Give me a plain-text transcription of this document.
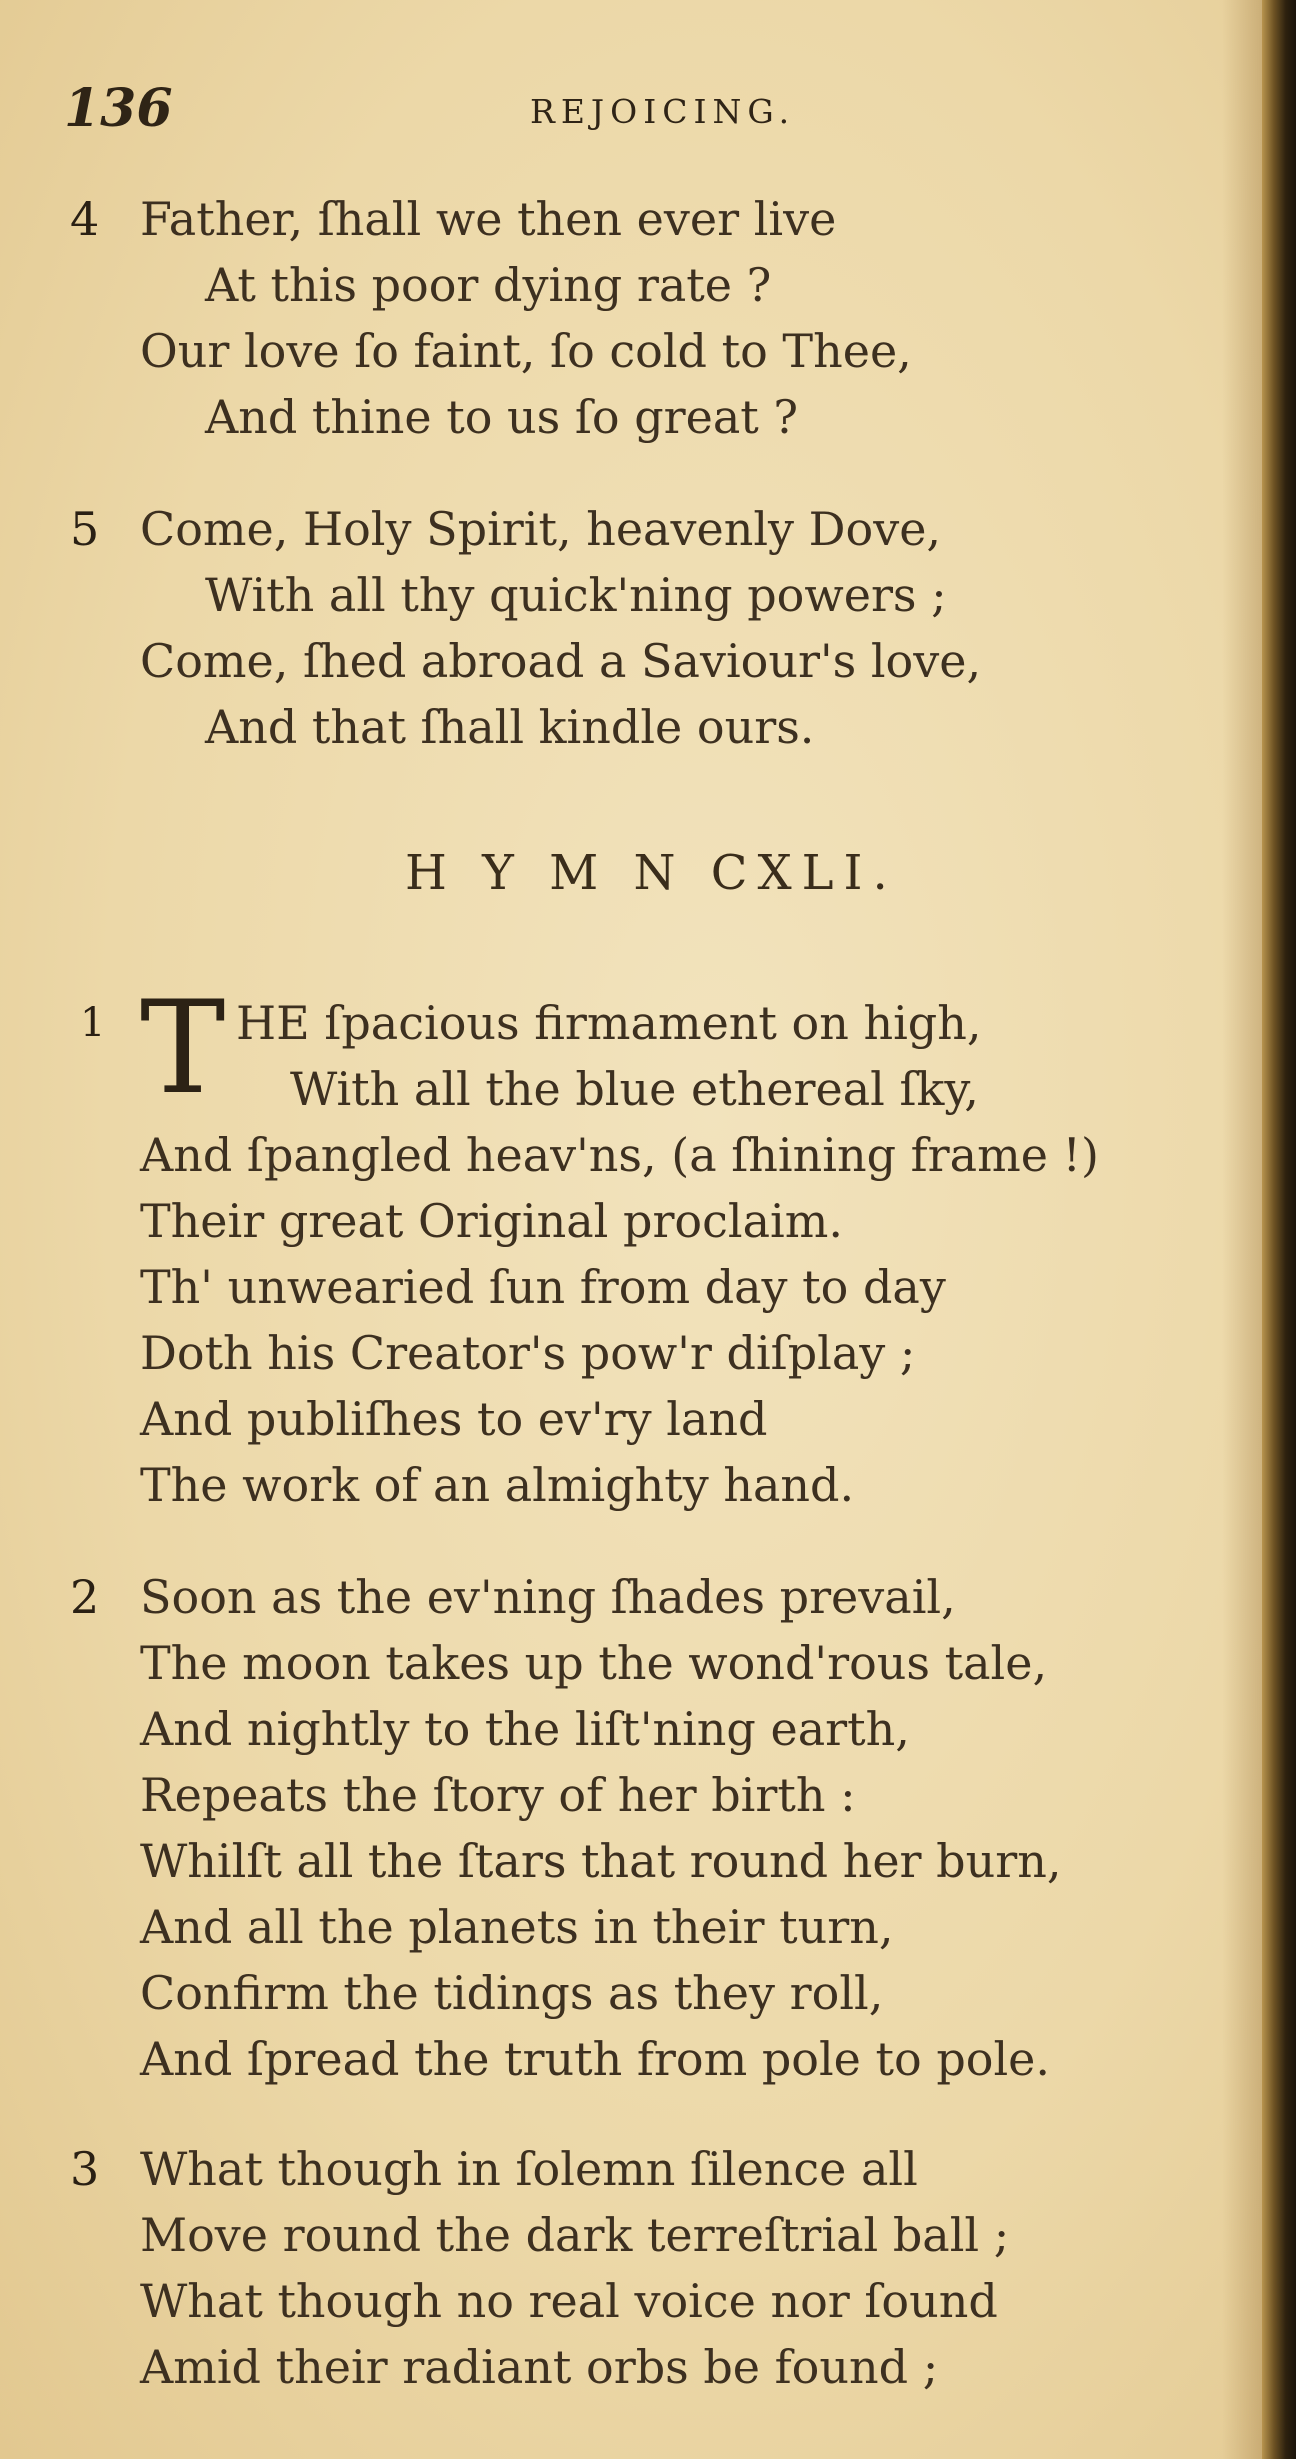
136	REJOICING.
4 Father, ſhall we then ever live
At this poor dying rate ?
Our love ſo faint, ſo cold to Thee,
And thine to us ſo great ?
5 Come, Holy Spirit, heavenly Dove,
With all thy quick'ning powers ;
Come, ſhed abroad a Saviour's love,
And that ſhall kindle ours.
H Y M N CXLI.
1 T HE ſpacious firmament on high,
With all the blue ethereal ſky,
And ſpangled heav'ns, (a ſhining frame !)
Their great Original proclaim.
Th' unwearied ſun from day to day
Doth his Creator's pow'r diſplay ;
And publiſhes to ev'ry land
The work of an almighty hand.
2 Soon as the ev'ning ſhades prevail,
The moon takes up the wond'rous tale,
And nightly to the liſt'ning earth,
Repeats the ſtory of her birth :
Whilſt all the ſtars that round her burn,
And all the planets in their turn,
Confirm the tidings as they roll,
And ſpread the truth from pole to pole.
3 What though in ſolemn ſilence all
Move round the dark terreſtrial ball ;
What though no real voice nor ſound
Amid their radiant orbs be found ;
